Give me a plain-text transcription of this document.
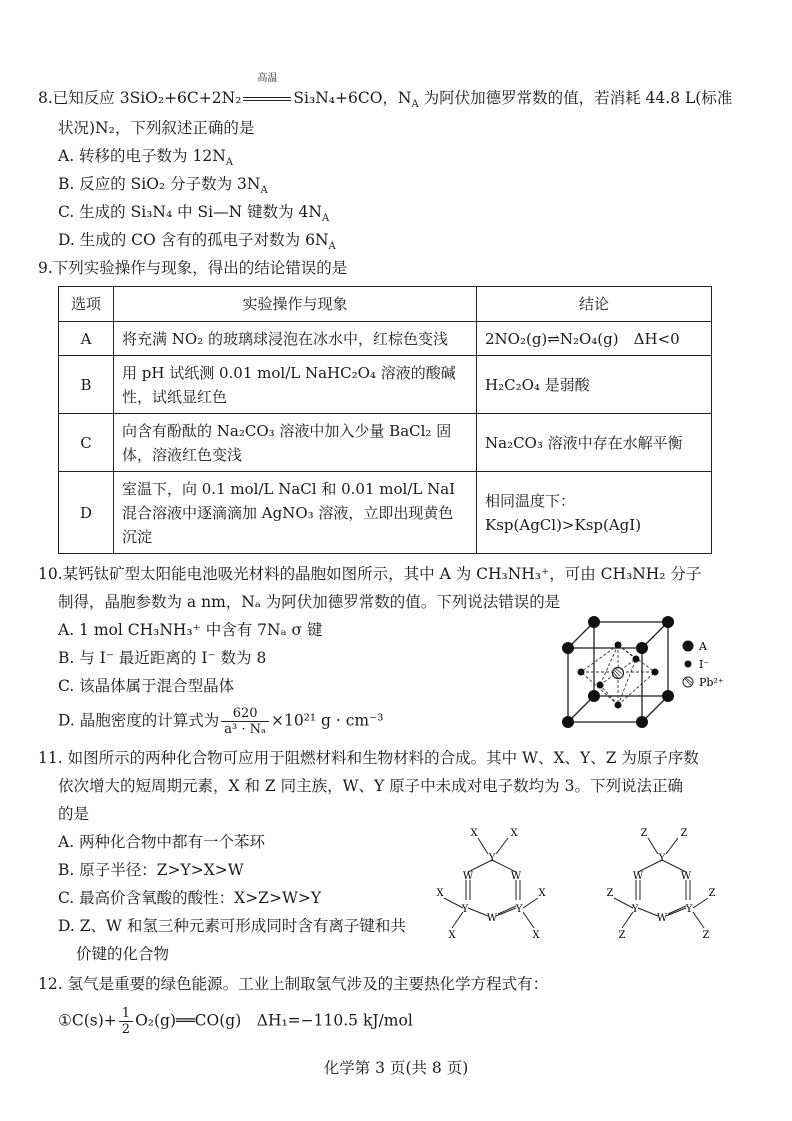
8.已知反应 3SiO₂+6C+2N₂
高温
Si₃N₄+6CO，$N_A$ 为阿伏加德罗常数的值，若消耗 44.8 L(标准
状况)N₂，下列叙述正确的是
A. 转移的电子数为 $12N_A$
B. 反应的 SiO₂ 分子数为 $3N_A$
C. 生成的 Si₃N₄ 中 Si—N 键数为 $4N_A$
D. 生成的 CO 含有的孤电子对数为 $6N_A$
9.下列实验操作与现象，得出的结论错误的是
选项	实验操作与现象	结论
A	将充满 NO₂ 的玻璃球浸泡在冰水中，红棕色变浅	2NO₂(g)⇌N₂O₄(g)　ΔH<0
B	用 pH 试纸测 0.01 mol/L NaHC₂O₄ 溶液的酸碱性，试纸显红色	H₂C₂O₄ 是弱酸
C	向含有酚酞的 Na₂CO₃ 溶液中加入少量 BaCl₂ 固体，溶液红色变浅	Na₂CO₃ 溶液中存在水解平衡
D	室温下，向 0.1 mol/L NaCl 和 0.01 mol/L NaI 混合溶液中逐滴滴加 AgNO₃ 溶液，立即出现黄色沉淀	相同温度下：
Ksp(AgCl)>Ksp(AgI)
10.某钙钛矿型太阳能电池吸光材料的晶胞如图所示，其中 A 为 CH₃NH₃⁺，可由 CH₃NH₂ 分子
制得，晶胞参数为 a nm，Nₐ 为阿伏加德罗常数的值。下列说法错误的是
A. 1 mol CH₃NH₃⁺ 中含有 7Nₐ σ 键
B. 与 I⁻ 最近距离的 I⁻ 数为 8
C. 该晶体属于混合型晶体
D. 晶胞密度的计算式为 $\frac{620}{\text{a³ · Nₐ}} \times 10^{21}$ g · cm⁻³
A
I⁻
Pb²⁺
11. 如图所示的两种化合物可应用于阻燃材料和生物材料的合成。其中 W、X、Y、Z 为原子序数
依次增大的短周期元素，X 和 Z 同主族，W、Y 原子中未成对电子数均为 3。下列说法正确
的是
A. 两种化合物中都有一个苯环
B. 原子半径：Z>Y>X>W
C. 最高价含氧酸的酸性：X>Z>W>Y
D. Z、W 和氢三种元素可形成同时含有离子键和共
价键的化合物
Y
W	W
Y	Y
W
X	X
X
X
X
X
Y
W	W
Y	Y
W
Z	Z
Z
Z
Z
Z
12. 氢气是重要的绿色能源。工业上制取氢气涉及的主要热化学方程式有：
①C(s)+ $\frac{1}{2}$ O₂(g)══CO(g)　ΔH₁=−110.5 kJ/mol
化学第 3 页(共 8 页)
